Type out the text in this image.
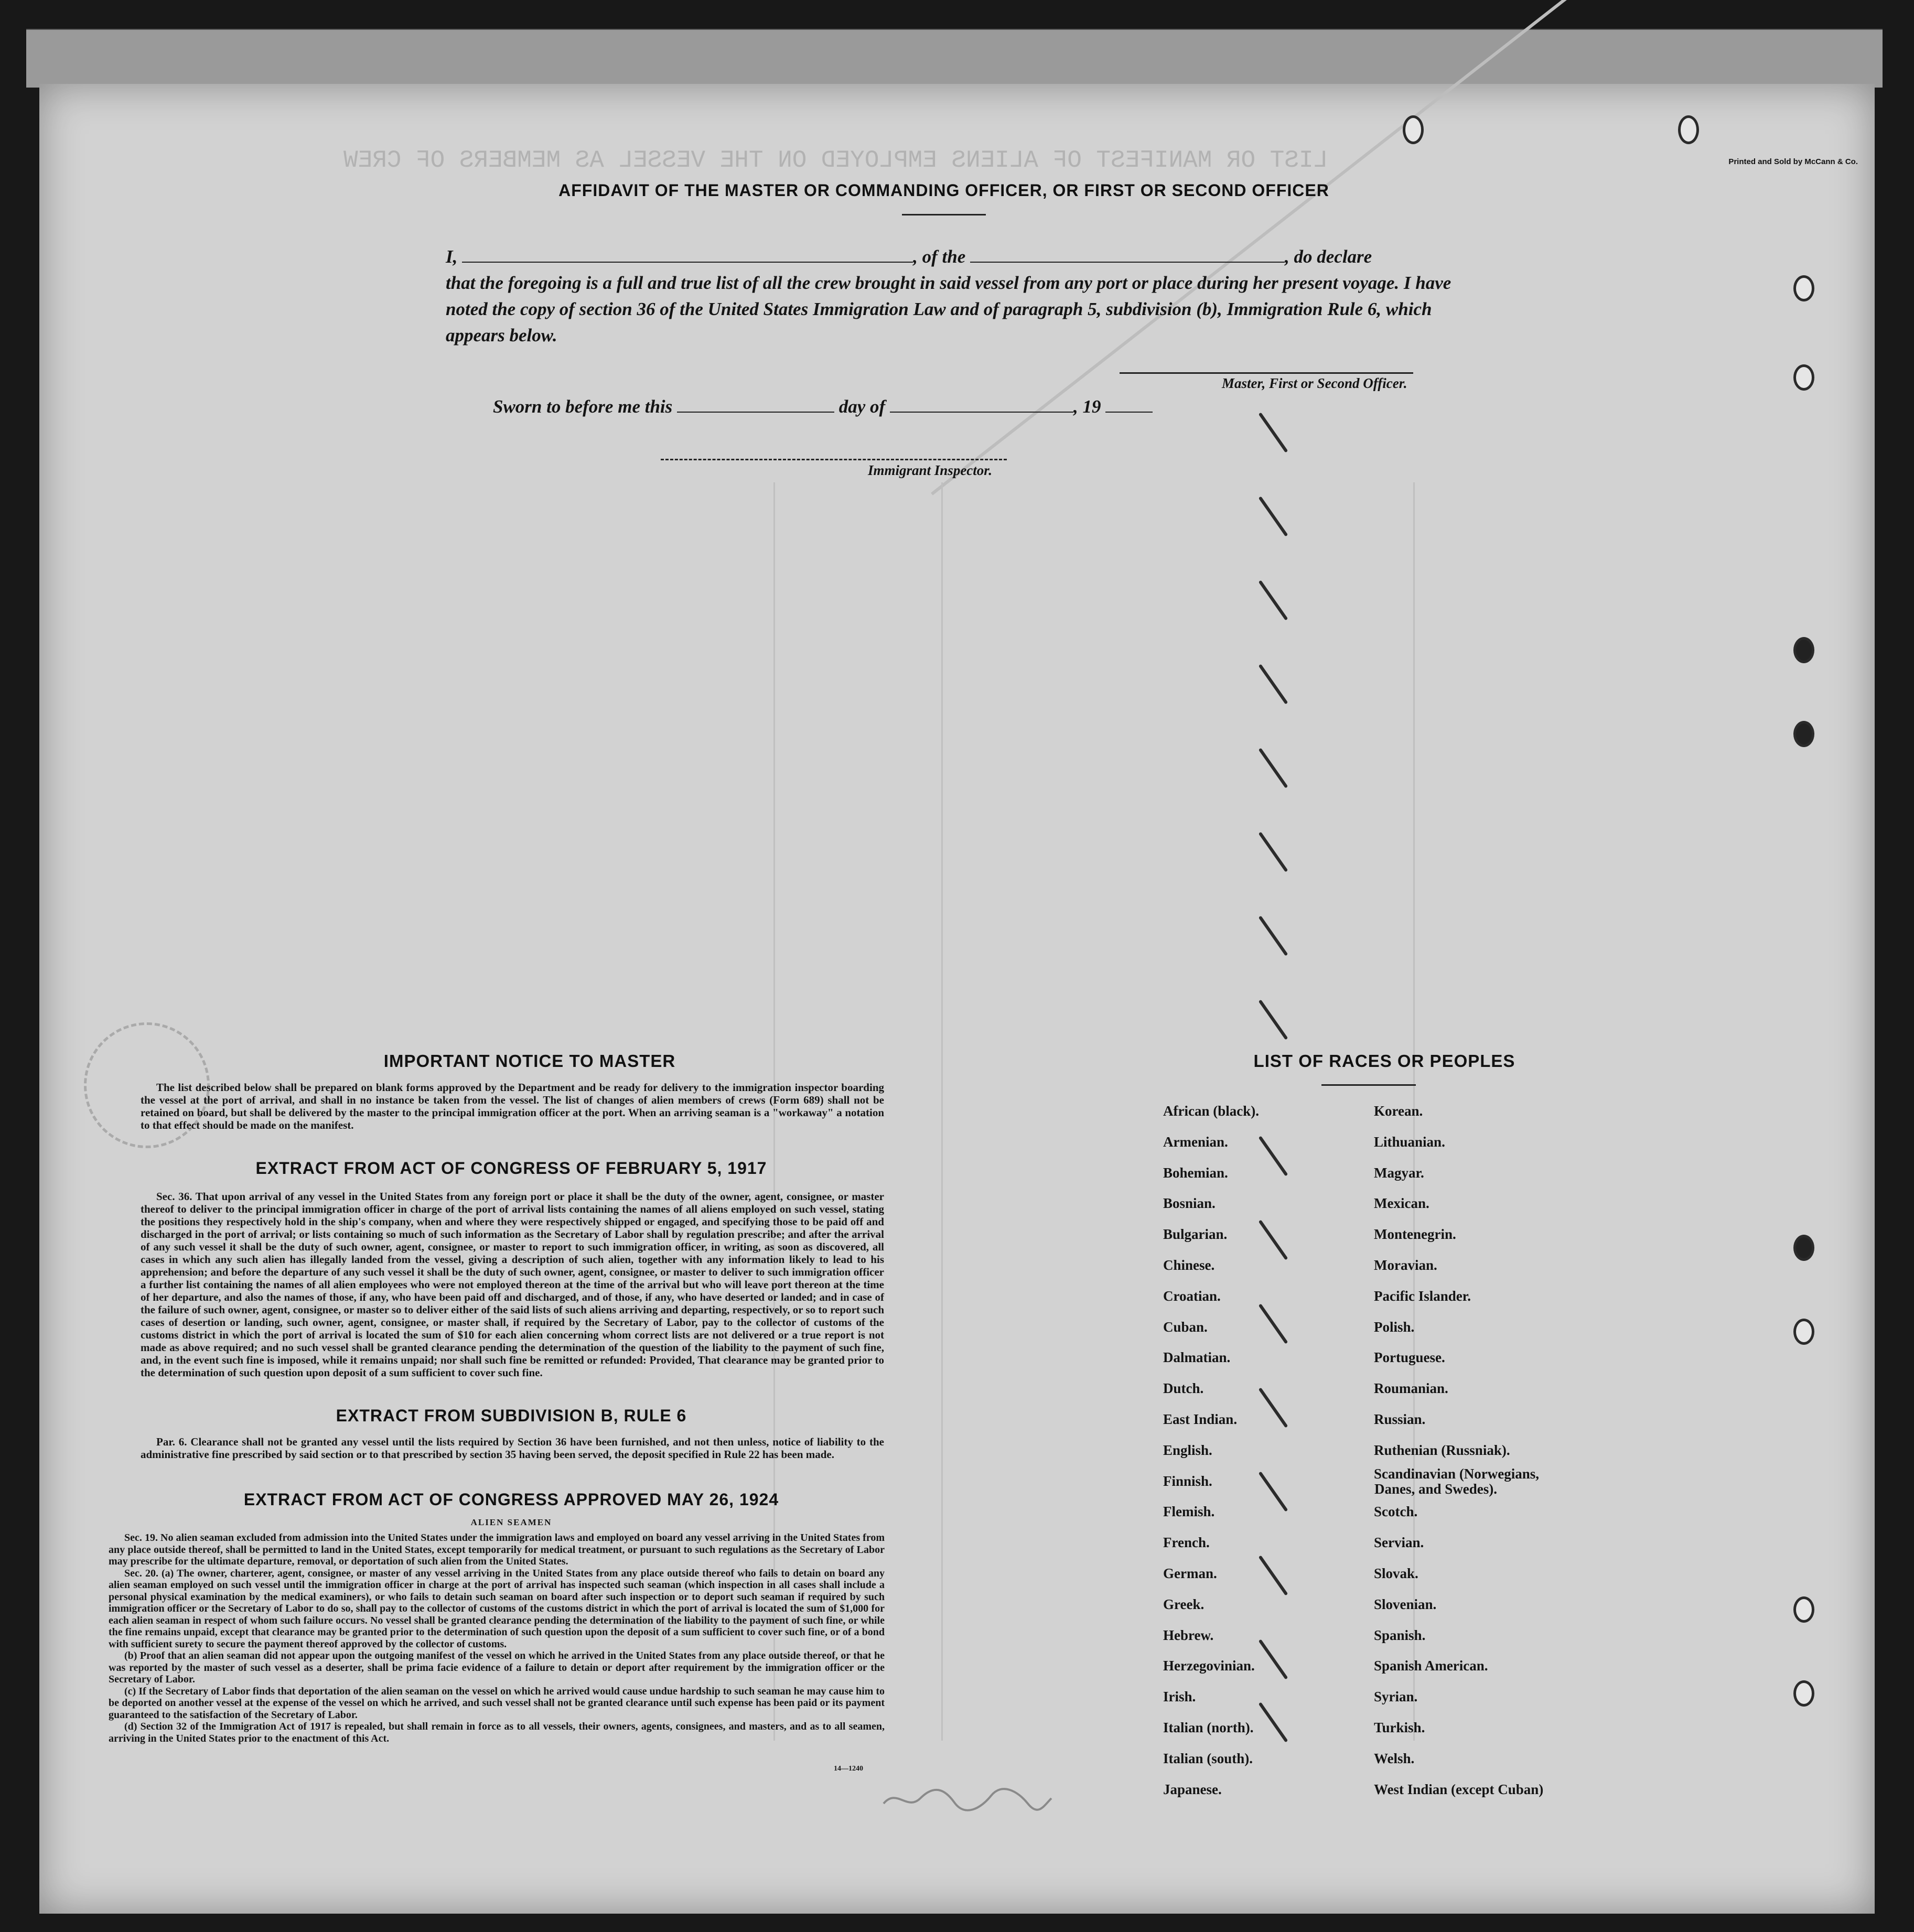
LIST OR MANIFEST OF ALIENS EMPLOYED ON THE VESSEL AS MEMBERS OF CREW	Printed and Sold by McCann & Co.
AFFIDAVIT OF THE MASTER OR COMMANDING OFFICER, OR FIRST OR SECOND OFFICER
I,	, of the	, do declare
that the foregoing is a full and true list of all the crew brought in said vessel from any port or place during her present voyage. I have noted the copy of section 36 of the United States Immigration Law and of paragraph 5, subdivision (b), Immigration Rule 6, which appears below.
Master, First or Second Officer.
Sworn to before me this	day of	, 19
Immigrant Inspector.
IMPORTANT NOTICE TO MASTER

The list described below shall be prepared on blank forms approved by the Department and be ready for delivery to the immigration inspector boarding the vessel at the port of arrival, and shall in no instance be taken from the vessel. The list of changes of alien members of crews (Form 689) shall not be retained on board, but shall be delivered by the master to the principal immigration officer at the port. When an arriving seaman is a "workaway" a notation to that effect should be made on the manifest.

EXTRACT FROM ACT OF CONGRESS OF FEBRUARY 5, 1917

Sec. 36. That upon arrival of any vessel in the United States from any foreign port or place it shall be the duty of the owner, agent, consignee, or master thereof to deliver to the principal immigration officer in charge of the port of arrival lists containing the names of all aliens employed on such vessel, stating the positions they respectively hold in the ship's company, when and where they were respectively shipped or engaged, and specifying those to be paid off and discharged in the port of arrival; or lists containing so much of such information as the Secretary of Labor shall by regulation prescribe; and after the arrival of any such vessel it shall be the duty of such owner, agent, consignee, or master to report to such immigration officer, in writing, as soon as discovered, all cases in which any such alien has illegally landed from the vessel, giving a description of such alien, together with any information likely to lead to his apprehension; and before the departure of any such vessel it shall be the duty of such owner, agent, consignee, or master to deliver to such immigration officer a further list containing the names of all alien employees who were not employed thereon at the time of the arrival but who will leave port thereon at the time of her departure, and also the names of those, if any, who have been paid off and discharged, and of those, if any, who have deserted or landed; and in case of the failure of such owner, agent, consignee, or master so to deliver either of the said lists of such aliens arriving and departing, respectively, or so to report such cases of desertion or landing, such owner, agent, consignee, or master shall, if required by the Secretary of Labor, pay to the collector of customs of the customs district in which the port of arrival is located the sum of $10 for each alien concerning whom correct lists are not delivered or a true report is not made as above required; and no such vessel shall be granted clearance pending the determination of the question of the liability to the payment of such fine, and, in the event such fine is imposed, while it remains unpaid; nor shall such fine be remitted or refunded: Provided, That clearance may be granted prior to the determination of such question upon deposit of a sum sufficient to cover such fine.

EXTRACT FROM SUBDIVISION B, RULE 6

Par. 6. Clearance shall not be granted any vessel until the lists required by Section 36 have been furnished, and not then unless, notice of liability to the administrative fine prescribed by said section or to that prescribed by section 35 having been served, the deposit specified in Rule 22 has been made.

EXTRACT FROM ACT OF CONGRESS APPROVED MAY 26, 1924
ALIEN SEAMEN

Sec. 19. No alien seaman excluded from admission into the United States under the immigration laws and employed on board any vessel arriving in the United States from any place outside thereof, shall be permitted to land in the United States, except temporarily for medical treatment, or pursuant to such regulations as the Secretary of Labor may prescribe for the ultimate departure, removal, or deportation of such alien from the United States.

Sec. 20. (a) The owner, charterer, agent, consignee, or master of any vessel arriving in the United States from any place outside thereof who fails to detain on board any alien seaman employed on such vessel until the immigration officer in charge at the port of arrival has inspected such seaman (which inspection in all cases shall include a personal physical examination by the medical examiners), or who fails to detain such seaman on board after such inspection or to deport such seaman if required by such immigration officer or the Secretary of Labor to do so, shall pay to the collector of customs of the customs district in which the port of arrival is located the sum of $1,000 for each alien seaman in respect of whom such failure occurs. No vessel shall be granted clearance pending the determination of the liability to the payment of such fine, or while the fine remains unpaid, except that clearance may be granted prior to the determination of such question upon the deposit of a sum sufficient to cover such fine, or of a bond with sufficient surety to secure the payment thereof approved by the collector of customs.

(b) Proof that an alien seaman did not appear upon the outgoing manifest of the vessel on which he arrived in the United States from any place outside thereof, or that he was reported by the master of such vessel as a deserter, shall be prima facie evidence of a failure to detain or deport after requirement by the immigration officer or the Secretary of Labor.

(c) If the Secretary of Labor finds that deportation of the alien seaman on the vessel on which he arrived would cause undue hardship to such seaman he may cause him to be deported on another vessel at the expense of the vessel on which he arrived, and such vessel shall not be granted clearance until such expense has been paid or its payment guaranteed to the satisfaction of the Secretary of Labor.

(d) Section 32 of the Immigration Act of 1917 is repealed, but shall remain in force as to all vessels, their owners, agents, consignees, and masters, and as to all seamen, arriving in the United States prior to the enactment of this Act.

14—1240
LIST OF RACES OR PEOPLES
African (black).
Armenian.
Bohemian.
Bosnian.
Bulgarian.
Chinese.
Croatian.
Cuban.
Dalmatian.
Dutch.
East Indian.
English.
Finnish.
Flemish.
French.
German.
Greek.
Hebrew.
Herzegovinian.
Irish.
Italian (north).
Italian (south).
Japanese.
Korean.
Lithuanian.
Magyar.
Mexican.
Montenegrin.
Moravian.
Pacific Islander.
Polish.
Portuguese.
Roumanian.
Russian.
Ruthenian (Russniak).
Scandinavian (Norwegians,
Danes, and Swedes).
Scotch.
Servian.
Slovak.
Slovenian.
Spanish.
Spanish American.
Syrian.
Turkish.
Welsh.
West Indian (except Cuban)
